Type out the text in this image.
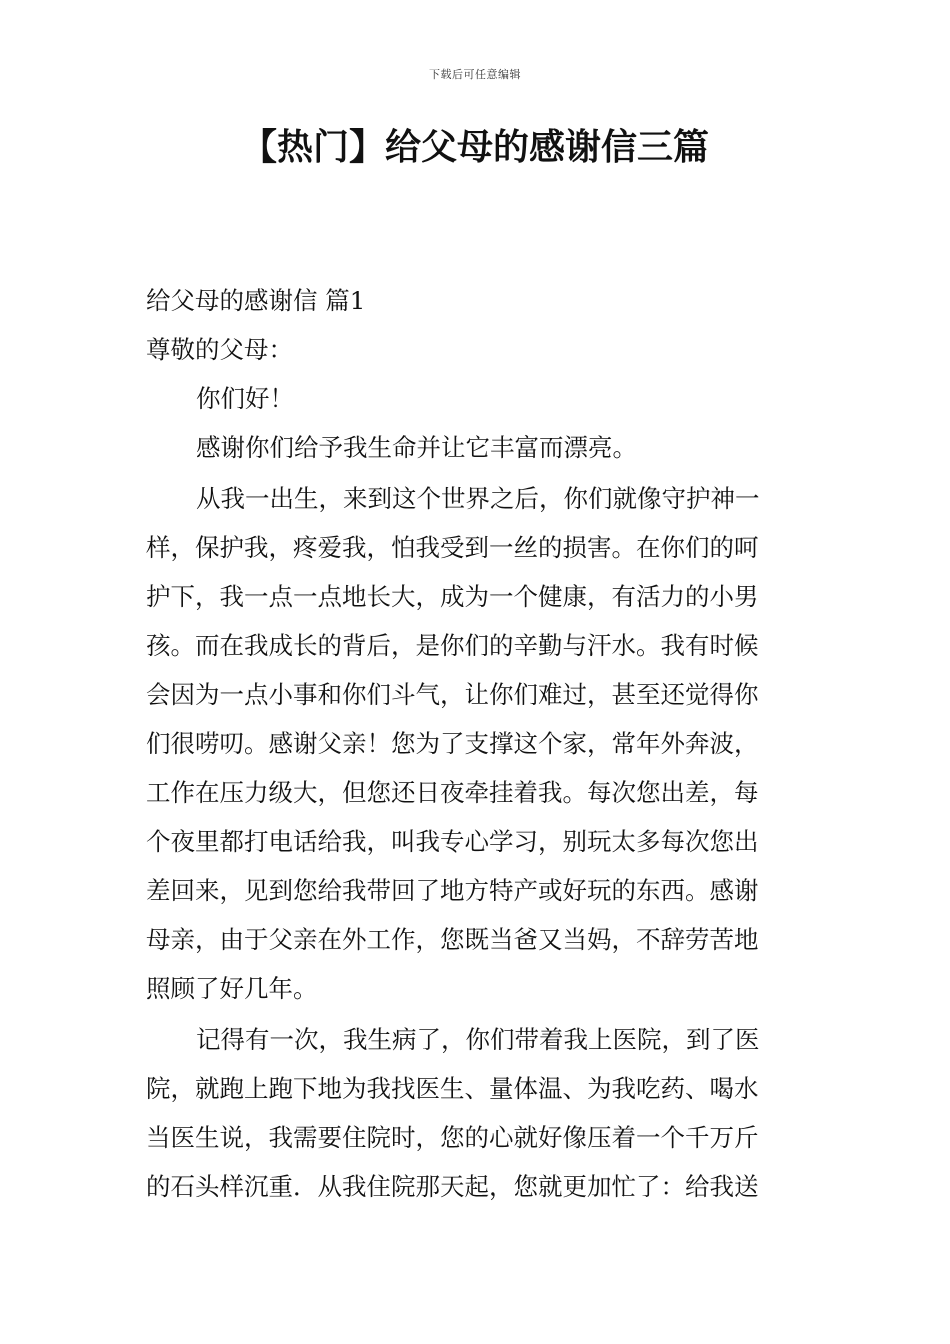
下载后可任意编辑
【热门】给父母的感谢信三篇
给父母的感谢信 篇1
尊敬的父母：
你们好！
感谢你们给予我生命并让它丰富而漂亮。
从我一出生，来到这个世界之后，你们就像守护神一
样，保护我，疼爱我，怕我受到一丝的损害。在你们的呵
护下，我一点一点地长大，成为一个健康，有活力的小男
孩。而在我成长的背后，是你们的辛勤与汗水。我有时候
会因为一点小事和你们斗气，让你们难过，甚至还觉得你
们很唠叨。感谢父亲！您为了支撑这个家，常年外奔波，
工作在压力级大，但您还日夜牵挂着我。每次您出差，每
个夜里都打电话给我，叫我专心学习，别玩太多每次您出
差回来，见到您给我带回了地方特产或好玩的东西。感谢
母亲，由于父亲在外工作，您既当爸又当妈，不辞劳苦地
照顾了好几年。
记得有一次，我生病了，你们带着我上医院，到了医
院，就跑上跑下地为我找医生、量体温、为我吃药、喝水
当医生说，我需要住院时，您的心就好像压着一个千万斤
的石头样沉重．从我住院那天起，您就更加忙了：给我送
